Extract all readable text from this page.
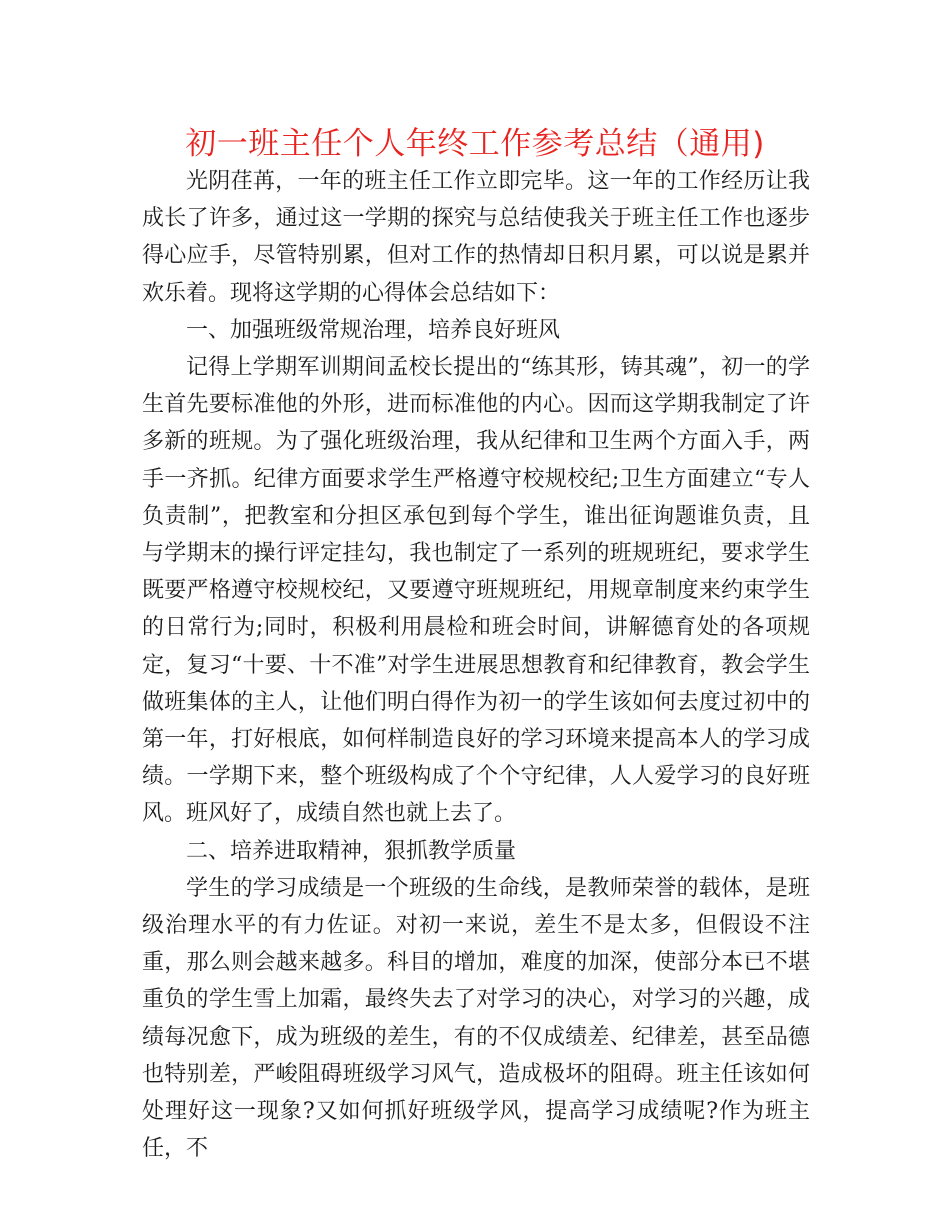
初一班主任个人年终工作参考总结（通用)

光阴荏苒，一年的班主任工作立即完毕。这一年的工作经历让我成长了许多，通过这一学期的探究与总结使我关于班主任工作也逐步得心应手，尽管特别累，但对工作的热情却日积月累，可以说是累并欢乐着。现将这学期的心得体会总结如下：

一、加强班级常规治理，培养良好班风

记得上学期军训期间孟校长提出的“练其形，铸其魂”，初一的学生首先要标准他的外形，进而标准他的内心。因而这学期我制定了许多新的班规。为了强化班级治理，我从纪律和卫生两个方面入手，两手一齐抓。纪律方面要求学生严格遵守校规校纪;卫生方面建立“专人负责制”，把教室和分担区承包到每个学生，谁出征询题谁负责，且与学期末的操行评定挂勾，我也制定了一系列的班规班纪，要求学生既要严格遵守校规校纪，又要遵守班规班纪，用规章制度来约束学生的日常行为;同时，积极利用晨检和班会时间，讲解德育处的各项规定，复习“十要、十不准”对学生进展思想教育和纪律教育，教会学生做班集体的主人，让他们明白得作为初一的学生该如何去度过初中的第一年，打好根底，如何样制造良好的学习环境来提高本人的学习成绩。一学期下来，整个班级构成了个个守纪律，人人爱学习的良好班风。班风好了，成绩自然也就上去了。

二、培养进取精神，狠抓教学质量

学生的学习成绩是一个班级的生命线，是教师荣誉的载体，是班级治理水平的有力佐证。对初一来说，差生不是太多，但假设不注重，那么则会越来越多。科目的增加，难度的加深，使部分本已不堪重负的学生雪上加霜，最终失去了对学习的决心，对学习的兴趣，成绩每况愈下，成为班级的差生，有的不仅成绩差、纪律差，甚至品德也特别差，严峻阻碍班级学习风气，造成极坏的阻碍。班主任该如何处理好这一现象?又如何抓好班级学风，提高学习成绩呢?作为班主任，不
